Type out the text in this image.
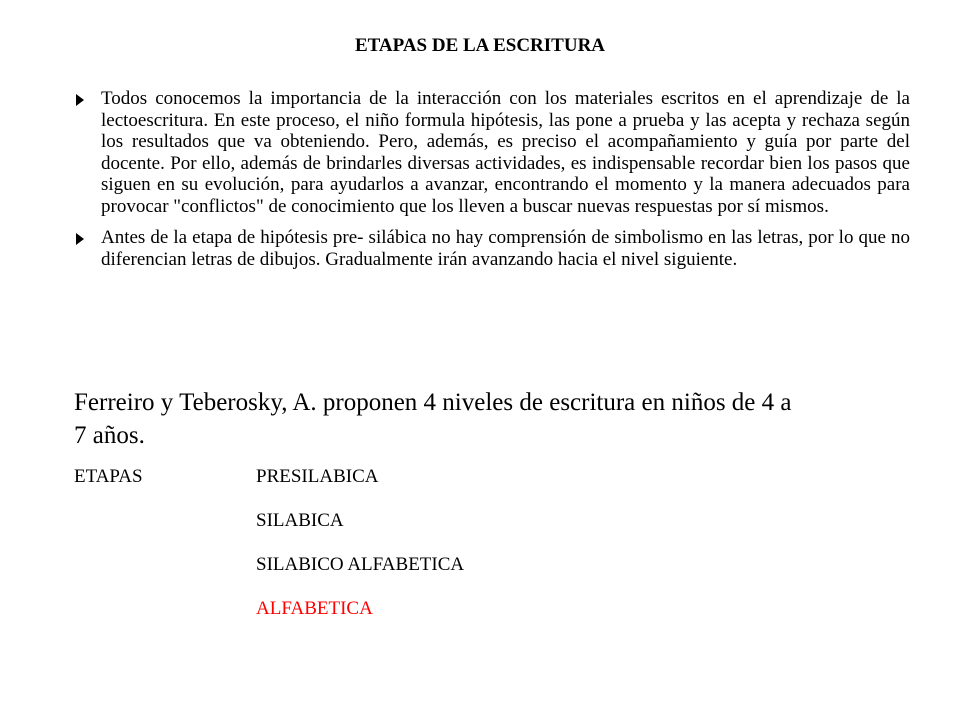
ETAPAS DE LA ESCRITURA
Todos conocemos la importancia de la interacción con los materiales escritos en el aprendizaje de la lectoescritura. En este proceso, el niño formula hipótesis, las pone a prueba y las acepta y rechaza según los resultados que va obteniendo. Pero, además, es preciso el acompañamiento y guía por parte del docente. Por ello, además de brindarles diversas actividades, es indispensable recordar bien los pasos que siguen en su evolución, para ayudarlos a avanzar, encontrando el momento y la manera adecuados para provocar "conflictos" de conocimiento que los lleven a buscar nuevas respuestas por sí mismos.
Antes de la etapa de hipótesis pre- silábica no hay comprensión de simbolismo en las letras, por lo que no diferencian letras de dibujos. Gradualmente irán avanzando hacia el nivel siguiente.

Ferreiro y Teberosky, A. proponen 4 niveles de escritura en niños de 4 a 7 años.

ETAPAS	PRESILABICA
SILABICA
SILABICO ALFABETICA
ALFABETICA
